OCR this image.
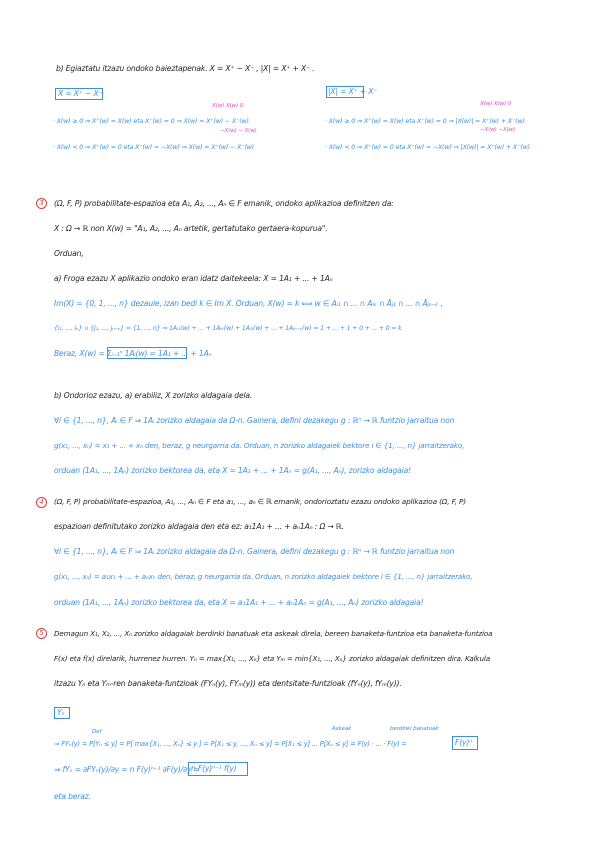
b) Egiaztatu itzazu ondoko baieztapenak. X = X⁺ − X⁻ , |X| = X⁺ + X⁻ .
X = X⁺ − X⁻	|X| = X⁺ + X⁻
X(w) X(w) 0
−X(w) − X(w)
X(w) X(w) 0
−X(w) −X(w)
· X(w) ≥ 0 ⇒ X⁺(w) = X(w) eta X⁻(w) = 0 ⇒ X(w) = X⁺(w) − X⁻(w)
· X(w) < 0 ⇒ X⁺(w) = 0 eta X⁻(w) = −X(w) ⇒ X(w) = X⁺(w) − X⁻(w)
· X(w) ≥ 0 ⇒ X⁺(w) = X(w) eta X⁻(w) = 0 ⇒ |X(w)| = X⁺(w) + X⁻(w)
· X(w) < 0 ⇒ X⁺(w) = 0 eta X⁻(w) = −X(w) ⇒ |X(w)| = X⁺(w) + X⁻(w)
3	(Ω, F, P) probabilitate-espazioa eta A₁, A₂, ..., Aₙ ∈ F emanik, ondoko aplikazioa definitzen da:
X : Ω → ℝ non X(w) = "A₁, A₂, ..., Aₙ artetik, gertatutako gertaera-kopurua".
Orduan,
a) Froga ezazu X aplikazio ondoko eran idatz daitekeela: X = 1A₁ + ... + 1Aₙ
Im(X) = {0, 1, ..., n} dezaule, izan bedi k ∈ Im X. Orduan, X(w) = k ⟺ w ∈ Aᵢ₁ ∩ ... ∩ Aᵢₖ ∩ Āⱼ₁ ∩ ... ∩ Āⱼₙ₋ₖ ,
{i₁, ..., iₖ} ∪ {j₁, ..., jₙ₋ₖ} = {1, ..., n} ⇒ 1Aᵢ₁(w) + ... + 1Aᵢₖ(w) + 1Aⱼ₁(w) + ... + 1Aⱼₙ₋ₖ(w) = 1 + ... + 1 + 0 + ... + 0 = k
Beraz, X(w) = Σᵢ₌₁ⁿ 1Aᵢ(w) = 1A₁ + ... + 1Aₙ
b) Ondorioz ezazu, a) erabiliz, X zorizko aldagaia dela.
∀i ∈ {1, ..., n}, Aᵢ ∈ F ⇒ 1Aᵢ zorizko aldagaia da Ω-n. Gainera, defini dezakegu g : ℝⁿ → ℝ funtzio jarraitua non
g(x₁, ..., xₙ) = x₁ + ... + xₙ den, beraz, g neurgarria da. Orduan, n zorizko aldagaiek bektore i ∈ {1, ..., n} jarraitzerako,
orduan (1A₁, ..., 1Aₙ) zorizko bektorea da, eta X = 1A₁ + ... + 1Aₙ = g(A₁, ..., Aₙ), zorizko aldagaia!
4	(Ω, F, P) probabilitate-espazioa, A₁, ..., Aₙ ∈ F eta a₁, ..., aₙ ∈ ℝ emanik, ondorioztatu ezazu ondoko aplikazioa (Ω, F, P)
espazioan definitutako zorizko aldagaia den eta ez: a₁1A₁ + ... + aₙ1Aₙ : Ω → ℝ.
∀i ∈ {1, ..., n}, Aᵢ ∈ F ⇒ 1Aᵢ zorizko aldagaia da Ω-n. Gainera, defini dezakegu g : ℝⁿ → ℝ funtzio jarraitua non
g(x₁, ..., xₙ) = a₁x₁ + ... + aₙxₙ den, beraz, g neurgarria da. Orduan, n zorizko aldagaiek bektore i ∈ {1, ..., n} jarraitzerako,
orduan (1A₁, ..., 1Aₙ) zorizko bektorea da, eta X = a₁1A₁ + ... + aₙ1Aₙ = g(A₁, ..., Aₙ) zorizko aldagaia!
5	Demagun X₁, X₂, ..., Xₙ zorizko aldagaiak berdinki banatuak eta askeak direla, bereen banaketa-funtzioa eta banaketa-funtzioa
F(x) eta f(x) direlarik, hurrenez hurren. Yₙ = max{X₁, ..., Xₙ} eta Yₘ = min{X₁, ..., Xₙ} zorizko aldagaiak definitzen dira. Kalkula
itzazu Yₙ eta Yₘ-ren banaketa-funtzioak (FYₙ(y), FYₘ(y)) eta dentsitate-funtzioak (fYₙ(y), fYₘ(y)).
Yₙ
Def	Askeak	berdinki banatuak
⇒ FYₙ(y) = P[Yₙ ≤ y] = P[ max{X₁, ..., Xₙ} ≤ y ] = P[X₁ ≤ y, ..., Xₙ ≤ y] = P[X₁ ≤ y] ... P[Xₙ ≤ y] = F(y) · ... · F(y) =	F(y)ⁿ
⇒ fYₙ = ∂FYₙ(y)/∂y = n F(y)ⁿ⁻¹ ∂F(y)/∂y =
n F(y)ⁿ⁻¹ f(y)
eta beraz.
